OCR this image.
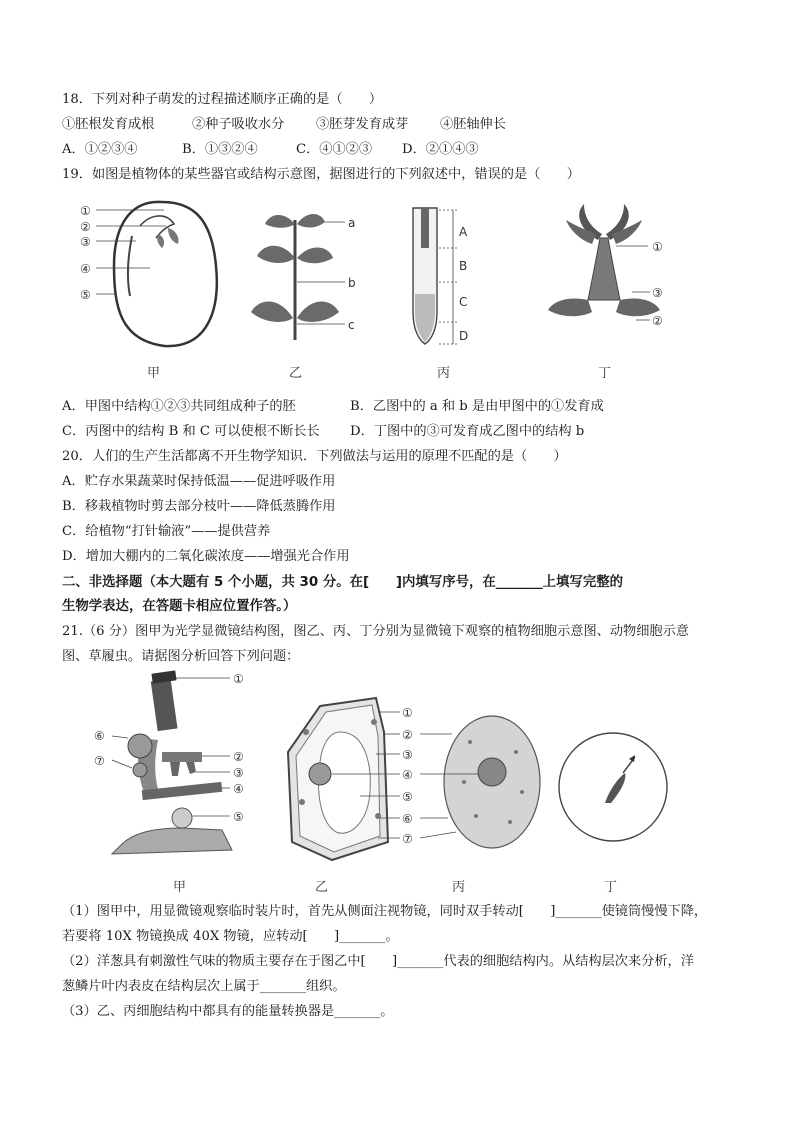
18．下列对种子萌发的过程描述顺序正确的是（　　）
①胚根发育成根	②种子吸收水分 ③胚芽发育成芽 ④胚轴伸长
A．①②③④	B．①③②④	C．④①②③ D．②①④③
19．如图是植物体的某些器官或结构示意图，据图进行的下列叙述中，错误的是（　　）
①
②
③
④
⑤
a
b
c
A
B
C
D
①
③
②
甲	乙	丙	丁
A．甲图中结构①②③共同组成种子的胚	B．乙图中的 a 和 b 是由甲图中的①发育成
C．丙图中的结构 B 和 C 可以使根不断长长 D．丁图中的③可发育成乙图中的结构 b
20．人们的生产生活都离不开生物学知识．下列做法与运用的原理不匹配的是（　　）
A．贮存水果蔬菜时保持低温——促进呼吸作用
B．移栽植物时剪去部分枝叶——降低蒸腾作用
C．给植物“打针输液”——提供营养
D．增加大棚内的二氧化碳浓度——增强光合作用
二、非选择题（本大题有 5 个小题，共 30 分。在[　　]内填写序号，在_______上填写完整的
生物学表达，在答题卡相应位置作答。）
21.（6 分）图甲为光学显微镜结构图，图乙、丙、丁分别为显微镜下观察的植物细胞示意图、动物细胞示意
图、草履虫。请据图分析回答下列问题：
①
②
③
④
⑤
⑥
⑦
①
②
③
④
⑤
⑥
⑦
甲	乙	丙	丁
（1）图甲中，用显微镜观察临时装片时，首先从侧面注视物镜，同时双手转动[　　]_______使镜筒慢慢下降，
若要将 10X 物镜换成 40X 物镜，应转动[　　]_______。
（2）洋葱具有刺激性气味的物质主要存在于图乙中[　　]_______代表的细胞结构内。从结构层次来分析，洋
葱鳞片叶内表皮在结构层次上属于_______组织。
（3）乙、丙细胞结构中都具有的能量转换器是_______。
